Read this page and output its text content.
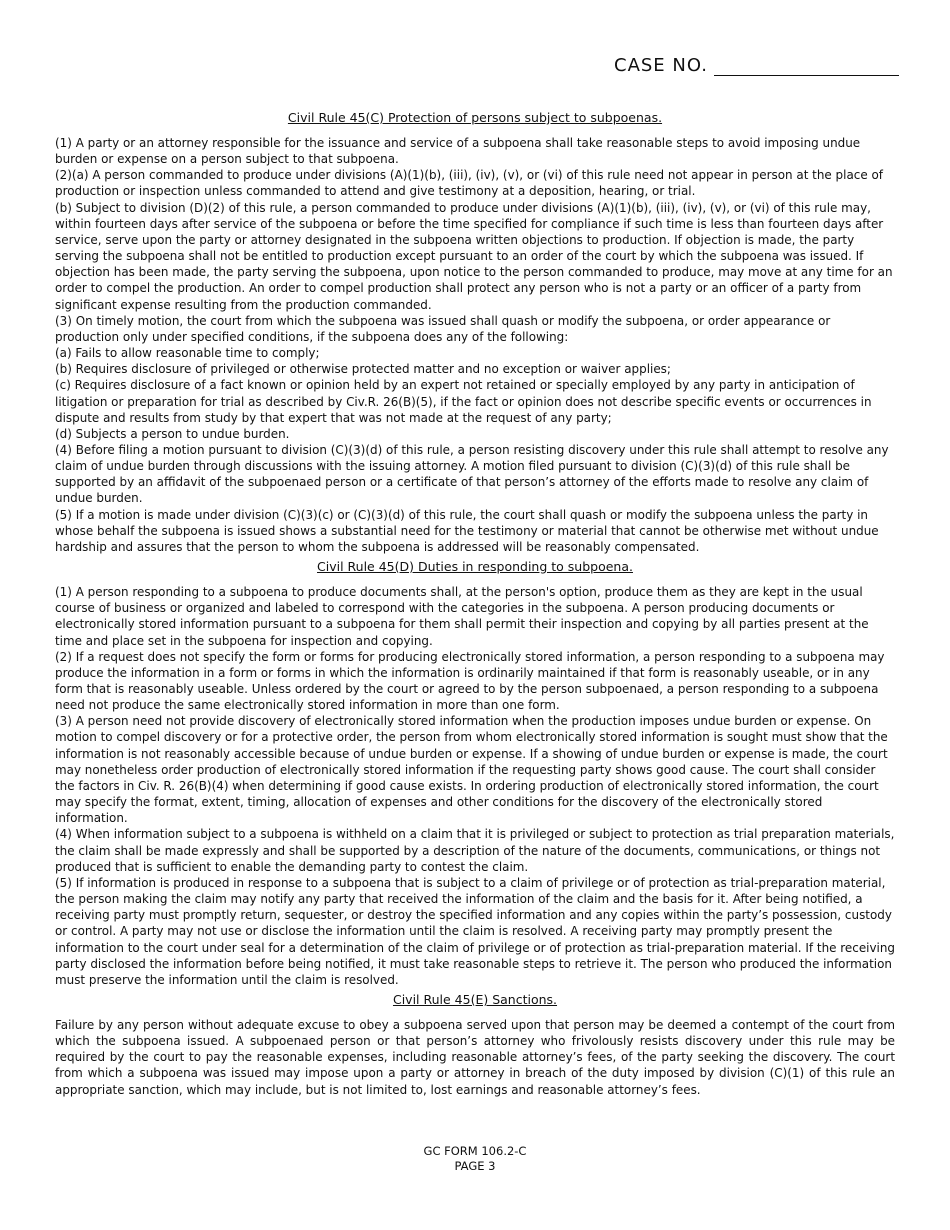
CASE NO.
Civil Rule 45(C) Protection of persons subject to subpoenas.

(1) A party or an attorney responsible for the issuance and service of a subpoena shall take reasonable steps to avoid imposing undue burden or expense on a person subject to that subpoena.

(2)(a) A person commanded to produce under divisions (A)(1)(b), (iii), (iv), (v), or (vi) of this rule need not appear in person at the place of production or inspection unless commanded to attend and give testimony at a deposition, hearing, or trial.

(b) Subject to division (D)(2) of this rule, a person commanded to produce under divisions (A)(1)(b), (iii), (iv), (v), or (vi) of this rule may, within fourteen days after service of the subpoena or before the time specified for compliance if such time is less than fourteen days after service, serve upon the party or attorney designated in the subpoena written objections to production. If objection is made, the party serving the subpoena shall not be entitled to production except pursuant to an order of the court by which the subpoena was issued. If objection has been made, the party serving the subpoena, upon notice to the person commanded to produce, may move at any time for an order to compel the production. An order to compel production shall protect any person who is not a party or an officer of a party from significant expense resulting from the production commanded.

(3) On timely motion, the court from which the subpoena was issued shall quash or modify the subpoena, or order appearance or production only under specified conditions, if the subpoena does any of the following:

(a) Fails to allow reasonable time to comply;

(b) Requires disclosure of privileged or otherwise protected matter and no exception or waiver applies;

(c) Requires disclosure of a fact known or opinion held by an expert not retained or specially employed by any party in anticipation of litigation or preparation for trial as described by Civ.R. 26(B)(5), if the fact or opinion does not describe specific events or occurrences in dispute and results from study by that expert that was not made at the request of any party;

(d) Subjects a person to undue burden.

(4) Before filing a motion pursuant to division (C)(3)(d) of this rule, a person resisting discovery under this rule shall attempt to resolve any claim of undue burden through discussions with the issuing attorney. A motion filed pursuant to division (C)(3)(d) of this rule shall be supported by an affidavit of the subpoenaed person or a certificate of that person’s attorney of the efforts made to resolve any claim of undue burden.

(5) If a motion is made under division (C)(3)(c) or (C)(3)(d) of this rule, the court shall quash or modify the subpoena unless the party in whose behalf the subpoena is issued shows a substantial need for the testimony or material that cannot be otherwise met without undue hardship and assures that the person to whom the subpoena is addressed will be reasonably compensated.

Civil Rule 45(D) Duties in responding to subpoena.

(1) A person responding to a subpoena to produce documents shall, at the person's option, produce them as they are kept in the usual course of business or organized and labeled to correspond with the categories in the subpoena. A person producing documents or electronically stored information pursuant to a subpoena for them shall permit their inspection and copying by all parties present at the time and place set in the subpoena for inspection and copying.

(2) If a request does not specify the form or forms for producing electronically stored information, a person responding to a subpoena may produce the information in a form or forms in which the information is ordinarily maintained if that form is reasonably useable, or in any form that is reasonably useable. Unless ordered by the court or agreed to by the person subpoenaed, a person responding to a subpoena need not produce the same electronically stored information in more than one form.

(3) A person need not provide discovery of electronically stored information when the production imposes undue burden or expense. On motion to compel discovery or for a protective order, the person from whom electronically stored information is sought must show that the information is not reasonably accessible because of undue burden or expense. If a showing of undue burden or expense is made, the court may nonetheless order production of electronically stored information if the requesting party shows good cause. The court shall consider the factors in Civ. R. 26(B)(4) when determining if good cause exists. In ordering production of electronically stored information, the court may specify the format, extent, timing, allocation of expenses and other conditions for the discovery of the electronically stored information.

(4) When information subject to a subpoena is withheld on a claim that it is privileged or subject to protection as trial preparation materials, the claim shall be made expressly and shall be supported by a description of the nature of the documents, communications, or things not produced that is sufficient to enable the demanding party to contest the claim.

(5) If information is produced in response to a subpoena that is subject to a claim of privilege or of protection as trial-preparation material, the person making the claim may notify any party that received the information of the claim and the basis for it. After being notified, a receiving party must promptly return, sequester, or destroy the specified information and any copies within the party’s possession, custody or control. A party may not use or disclose the information until the claim is resolved. A receiving party may promptly present the information to the court under seal for a determination of the claim of privilege or of protection as trial-preparation material. If the receiving party disclosed the information before being notified, it must take reasonable steps to retrieve it. The person who produced the information must preserve the information until the claim is resolved.

Civil Rule 45(E) Sanctions.

Failure by any person without adequate excuse to obey a subpoena served upon that person may be deemed a contempt of the court from which the subpoena issued. A subpoenaed person or that person’s attorney who frivolously resists discovery under this rule may be required by the court to pay the reasonable expenses, including reasonable attorney’s fees, of the party seeking the discovery. The court from which a subpoena was issued may impose upon a party or attorney in breach of the duty imposed by division (C)(1) of this rule an appropriate sanction, which may include, but is not limited to, lost earnings and reasonable attorney’s fees.

GC FORM 106.2-C
PAGE 3
